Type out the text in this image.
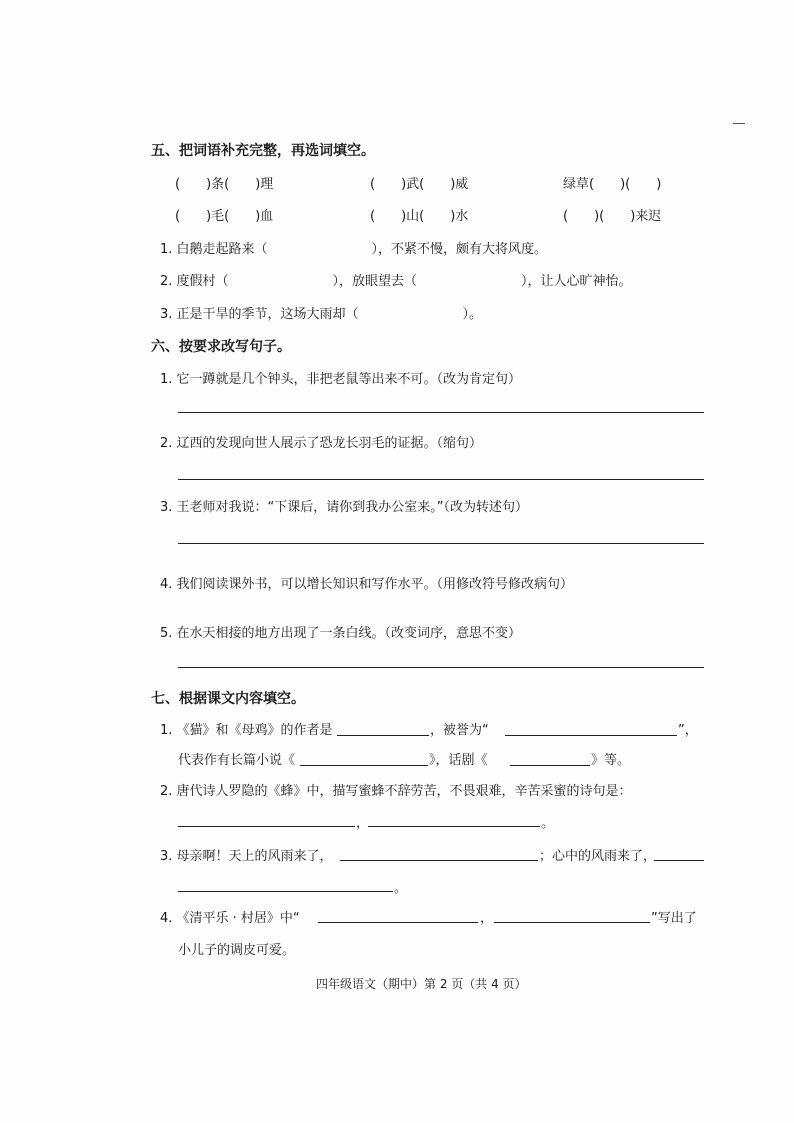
五、把词语补充完整，再选词填空。
(　　)条(　　)理	(　　)武(　　)威	绿草(　　)(　　)
(　　)毛(　　)血	(　　)山(　　)水	(　　)(　　)来迟
1. 白鹅走起路来（　　　　　　　　），不紧不慢，颇有大将风度。
2. 度假村（　　　　　　　　），放眼望去（　　　　　　　　），让人心旷神怡。
3. 正是干旱的季节，这场大雨却（　　　　　　　　）。
六、按要求改写句子。
1. 它一蹲就是几个钟头，非把老鼠等出来不可。（改为肯定句）
2. 辽西的发现向世人展示了恐龙长羽毛的证据。（缩句）
3. 王老师对我说：“下课后，请你到我办公室来。”（改为转述句）
4. 我们阅读课外书，可以增长知识和写作水平。（用修改符号修改病句）
5. 在水天相接的地方出现了一条白线。（改变词序，意思不变）
七、根据课文内容填空。
1. 《猫》和《母鸡》的作者是	，被誉为“	”，
代表作有长篇小说《	》，话剧《	》等。
2. 唐代诗人罗隐的《蜂》中，描写蜜蜂不辞劳苦，不畏艰难，辛苦采蜜的诗句是：
，	。
3. 母亲啊！天上的风雨来了，	；心中的风雨来了，
。
4. 《清平乐 · 村居》中“	，	”写出了
小儿子的调皮可爱。
四年级语文（期中）第 2 页（共 4 页）
